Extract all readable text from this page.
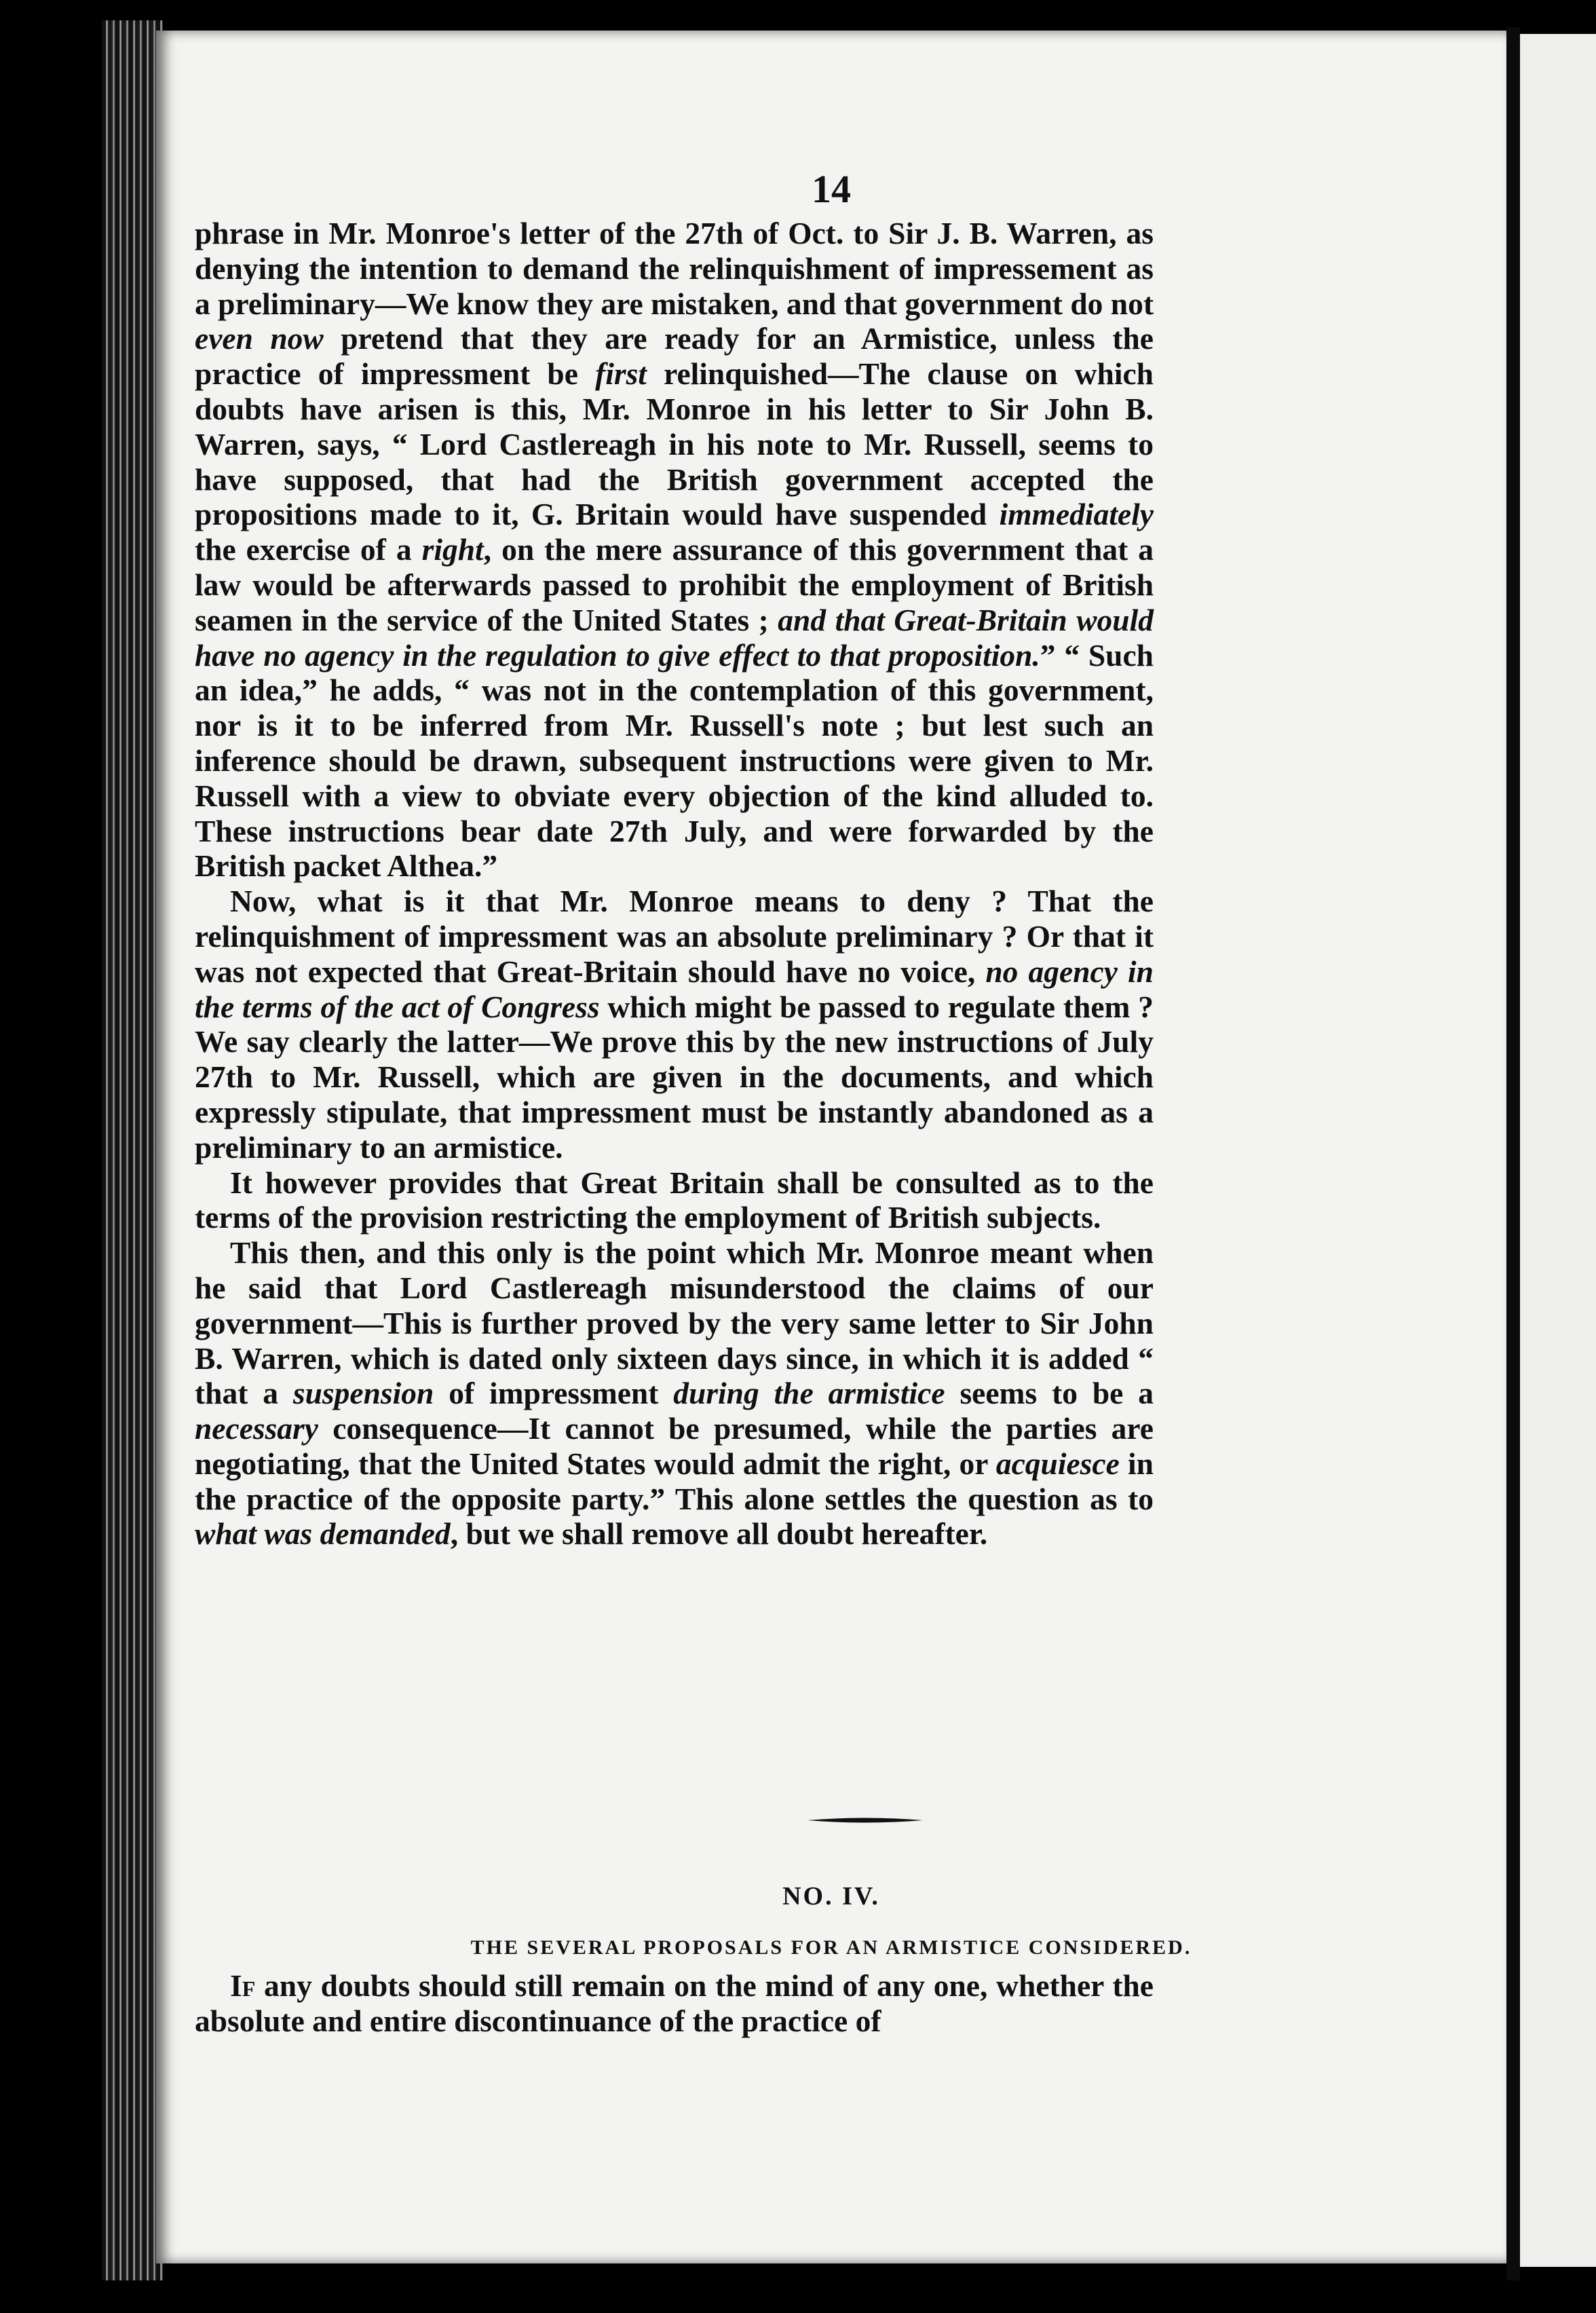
14
NO. IV.
THE SEVERAL PROPOSALS FOR AN ARMISTICE CONSIDERED.

phrase in Mr. Monroe's letter of the 27th of Oct. to Sir J. B. Warren, as denying the intention to demand the relinquishment of impressement as a preliminary—We know they are mistaken, and that government do not even now pretend that they are ready for an Armistice, unless the practice of impressment be first relinquished—The clause on which doubts have arisen is this, Mr. Monroe in his letter to Sir John B. Warren, says, “ Lord Castlereagh in his note to Mr. Russell, seems to have supposed, that had the British government accepted the propositions made to it, G. Britain would have suspended immediately the exercise of a right, on the mere assurance of this government that a law would be afterwards passed to prohibit the employment of British seamen in the service of the United States ; and that Great-Britain would have no agency in the regulation to give effect to that proposition.” “ Such an idea,” he adds, “ was not in the contemplation of this government, nor is it to be inferred from Mr. Russell's note ; but lest such an inference should be drawn, subsequent instructions were given to Mr. Russell with a view to obviate every objection of the kind alluded to. These instructions bear date 27th July, and were forwarded by the British packet Althea.”

Now, what is it that Mr. Monroe means to deny ? That the relinquishment of impressment was an absolute preliminary ? Or that it was not expected that Great-Britain should have no voice, no agency in the terms of the act of Congress which might be passed to regulate them ? We say clearly the latter—We prove this by the new instructions of July 27th to Mr. Russell, which are given in the documents, and which expressly stipulate, that impressment must be instantly abandoned as a preliminary to an armistice.

It however provides that Great Britain shall be consulted as to the terms of the provision restricting the employment of British subjects.

This then, and this only is the point which Mr. Monroe meant when he said that Lord Castlereagh misunderstood the claims of our government—This is further proved by the very same letter to Sir John B. Warren, which is dated only sixteen days since, in which it is added “ that a suspension of impressment during the armistice seems to be a necessary consequence—It cannot be presumed, while the parties are negotiating, that the United States would admit the right, or acquiesce in the practice of the opposite party.” This alone settles the question as to what was demanded, but we shall remove all doubt hereafter.

If any doubts should still remain on the mind of any one, whether the absolute and entire discontinuance of the practice of
